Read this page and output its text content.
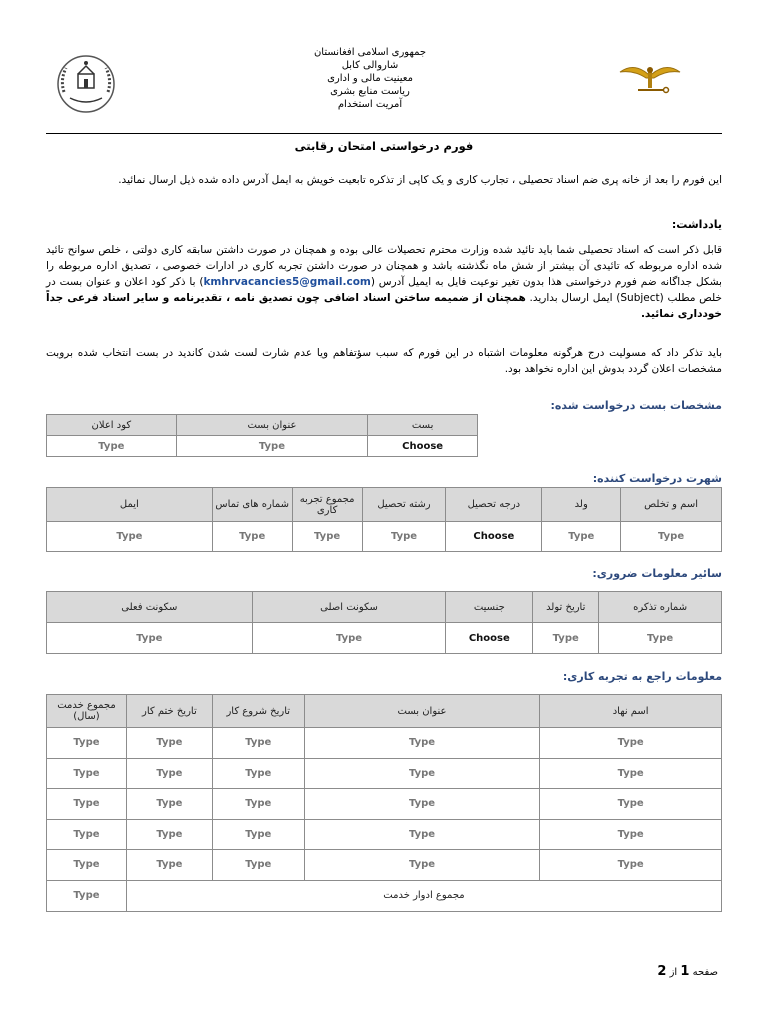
جمهوری اسلامی افغانستان
شاروالی کابل
معینیت مالی و اداری
ریاست منابع بشری
آمریت استخدام
فورم درخواستی امتحان رقابتی
این فورم را بعد از خانه پری ضم اسناد تحصیلی ، تجارب کاری و یک کاپی از تذکره تابعیت خویش به ایمل آدرس داده شده ذیل ارسال نمائید.
یادداشت:
قابل ذکر است که اسناد تحصیلی شما باید تائید شده وزارت محترم تحصیلات عالی بوده و همچنان در صورت داشتن سابقه کاری دولتی ، خلص سوانح تائید شده اداره مربوطه که تائیدی آن بیشتر از شش ماه نگذشته باشد و همچنان در صورت داشتن تجربه کاری در ادارات خصوصی ، تصدیق اداره مربوطه را بشکل جداگانه ضم فورم درخواستی هذا بدون تغیر نوعیت فایل به ایمیل آدرس (kmhrvacancies5@gmail.com) با ذکر کود اعلان و عنوان بست در خلص مطلب (Subject) ایمل ارسال بدارید. همچنان از ضمیمه ساختن اسناد اضافی چون تصدیق نامه ، تقدیرنامه و سایر اسناد فرعی جداً خودداری نمائید.
باید تذکر داد که مسولیت درج هرگونه معلومات اشتباه در این فورم که سبب سؤتفاهم ویا عدم شارت لست شدن کاندید در بست انتخاب شده بروبت مشخصات اعلان گردد بدوش این اداره نخواهد بود.
مشخصات بست درخواست شده:
بست	عنوان بست	کود اعلان
Choose	Type	Type
شهرت درخواست کننده:
اسم و تخلص	ولد	درجه تحصیل	رشته تحصیل	مجموع تجربه کاری	شماره های تماس	ایمل
Type	Type	Choose	Type	Type	Type	Type
سائیر معلومات ضروری:
شماره تذکره	تاریخ تولد	جنسیت	سکونت اصلی	سکونت فعلی
Type	Type	Choose	Type	Type
معلومات راجع به تجربه کاری:
اسم نهاد	عنوان بست	تاریخ شروع کار	تاریخ ختم کار	مجموع خدمت (سال)
Type	Type	Type	Type	Type
Type	Type	Type	Type	Type
Type	Type	Type	Type	Type
Type	Type	Type	Type	Type
Type	Type	Type	Type	Type
مجموع ادوار خدمت				Type
صفحه 1 از 2
